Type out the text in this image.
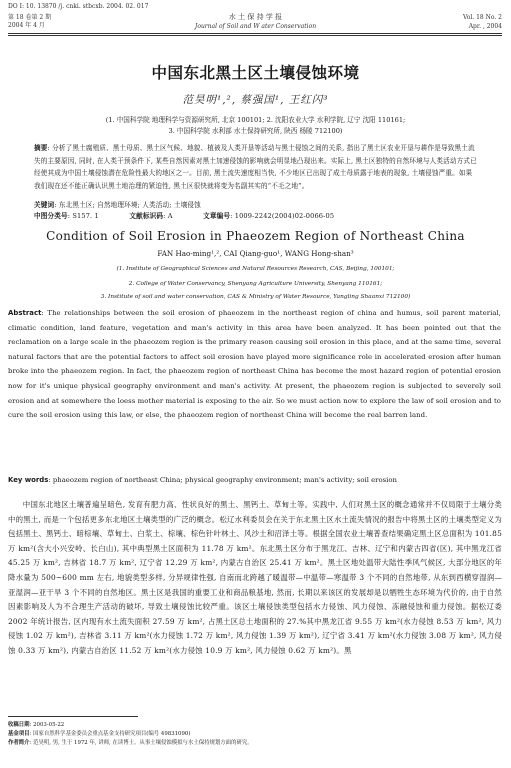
DO I: 10. 13870 /j. cnki. stbcxb. 2004. 02. 017
第 18 卷第 2 期
2004 年 4 月
水 土 保 持 学 报
Journal of Soil and W ater Conservation
Vol. 18 No. 2
Apr. , 2004
中国东北黑土区土壤侵蚀环境
范昊明¹,², 蔡强国¹, 王红闪³
(1. 中国科学院 地理科学与资源研究所, 北京 100101; 2. 沈阳农业大学 水利学院, 辽宁 沈阳 110161;
3. 中国科学院 水利部 水土保持研究所, 陕西 杨陵 712100)
摘要: 分析了黑土腐殖质、黑土母质、黑土区气候、地貌、植被及人类开垦等活动与黑土侵蚀之间的关系, 指出了黑土区农业开垦与耕作是导致黑土流失的主要原因, 同时, 在人类干预条件下, 某些自然因素对黑土加速侵蚀的影响就会明显地凸现出来。实际上, 黑土区独特的自然环境与人类活动方式已经使其成为中国土壤侵蚀潜在危险性最大的地区之一。目前, 黑土流失速度相当快, 不少地区已出现了成土母质露于地表的现象, 土壤侵蚀严重。如果我们现在还不能正确认识黑土地治理的紧迫性, 黑土区很快就将变为名副其实的“不毛之地”。
关键词: 东北黑土区; 自然地理环境; 人类活动; 土壤侵蚀
中图分类号: S157. 1	文献标识码: A	文章编号: 1009-2242(2004)02-0066-05
Condition of Soil Erosion in Phaeozem Region of Northeast China
FAN Hao-ming¹,², CAI Qiang-guo¹, WANG Hong-shan³
(1. Institute of Geographical Sciences and Natural Resources Research, CAS, Beijing, 100101;
2. College of Water Conservancy, Shenyang Agriculture University, Shenyang 110161;
3. Institute of soil and water conservation, CAS & Ministry of Water Resource, Yangling Shaanxi 712100)
Abstract: The relationships between the soil erosion of phaeozem in the northeast region of china and humus, soil parent material, climatic condition, land feature, vegetation and man's activity in this area have been analyzed. It has been pointed out that the reclamation on a large scale in the phaeozem region is the primary reason causing soil erosion in this place, and at the same time, several natural factors that are the potential factors to affect soil erosion have played more significance role in accelerated erosion after human broke into the phaeozem region. In fact, the phaeozem region of northeast China has become the most hazard region of potential erosion now for it's unique physical geography environment and man's activity. At present, the phaeozem region is subjected to severely soil erosion and at somewhere the loess mother material is exposing to the air. So we must action now to explore the law of soil erosion and to cure the soil erosion using this law, or else, the phaeozem region of northeast China will become the real barren land.
Key words: phaeozem region of northeast China; physical geography environment; man's activity; soil erosion

中国东北地区土壤普遍呈暗色, 发育有肥力高、性状良好的黑土、黑钙土、草甸土等。实践中, 人们对黑土区的概念通常并不仅局限于土壤分类中的黑土, 而是一个包括更多东北地区土壤类型的广泛的概念。松辽水利委员会在关于东北黑土区水土流失情况的报告中将黑土区的土壤类型定义为包括黑土、黑钙土、暗棕壤、草甸土、白浆土、棕壤、棕色针叶林土、风沙土和沼泽土等。根据全国农业土壤普查结果确定黑土区总面积为 101.85 万 km²(含大小兴安岭、长白山), 其中典型黑土区面积为 11.78 万 km²。东北黑土区分布于黑龙江、吉林、辽宁和内蒙古四省(区), 其中黑龙江省 45.25 万 km², 吉林省 18.7 万 km², 辽宁省 12.29 万 km², 内蒙古自治区 25.41 万 km²。黑土区地处温带大陆性季风气候区, 大部分地区的年降水量为 500~600 mm 左右, 地貌类型多样, 分异规律性强, 自南而北跨越了暖温带—中温带—寒温带 3 个不同的自然地带, 从东到西横穿湿润—亚湿润—亚干旱 3 个不同的自然地区。黑土区是我国的重要工业和商品粮基地, 然而, 长期以来该区的发展却是以牺牲生态环境为代价的, 由于自然因素影响及人为不合理生产活动的破坏, 导致土壤侵蚀比较严重。该区土壤侵蚀类型包括水力侵蚀、风力侵蚀、冻融侵蚀和重力侵蚀。据松辽委 2002 年统计报告, 区内现有水土流失面积 27.59 万 km², 占黑土区总土地面积的 27.%其中黑龙江省 9.55 万 km²(水力侵蚀 8.53 万 km², 风力侵蚀 1.02 万 km²), 吉林省 3.11 万 km²(水力侵蚀 1.72 万 km², 风力侵蚀 1.39 万 km²), 辽宁省 3.41 万 km²(水力侵蚀 3.08 万 km², 风力侵蚀 0.33 万 km²), 内蒙古自治区 11.52 万 km²(水力侵蚀 10.9 万 km², 风力侵蚀 0.62 万 km²)。黑

收稿日期: 2003-05-22
基金项目: 国家自然科学基金委员会重点基金支持研究项目(编号 49831090)
作者简介: 范昊明, 男, 生于 1972 年, 讲师, 在读博士。从事土壤侵蚀模拟与水土保持规划方面的研究。
